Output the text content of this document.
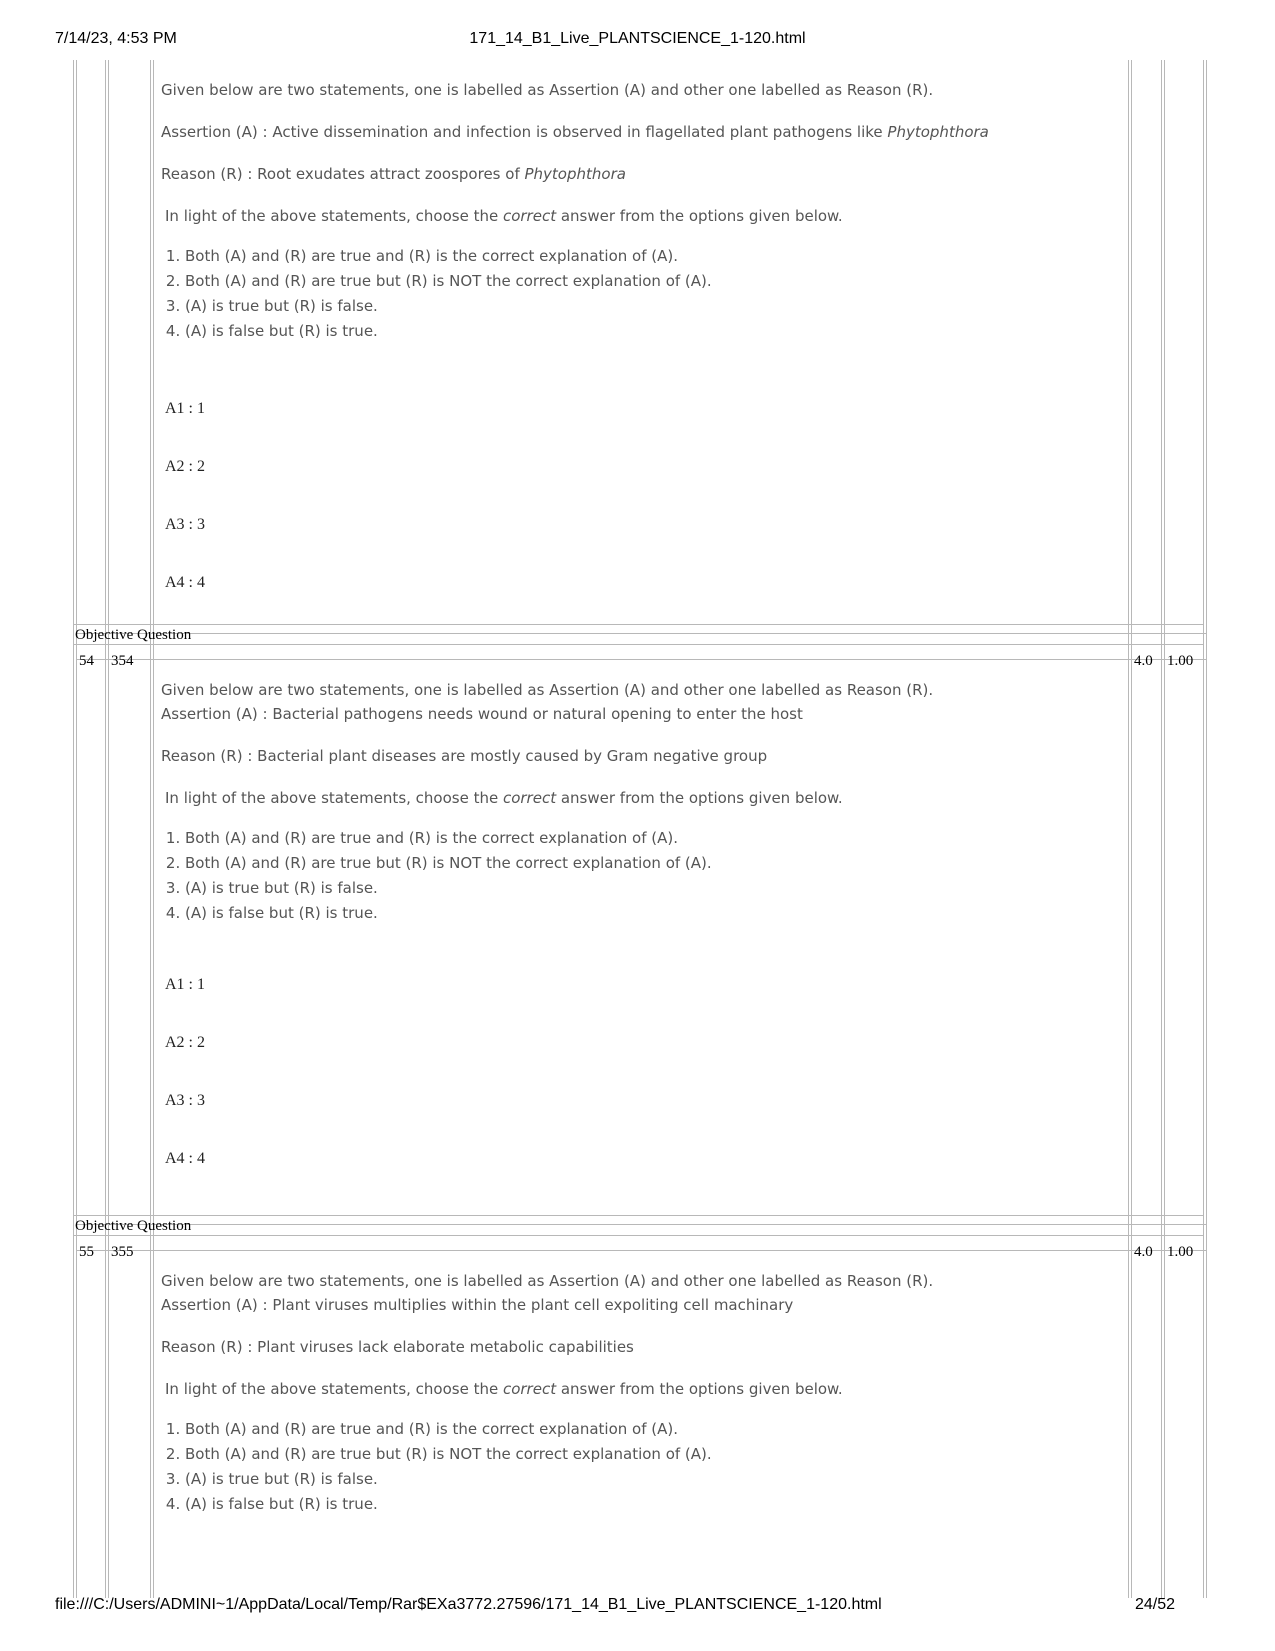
7/14/23, 4:53 PM	171_14_B1_Live_PLANTSCIENCE_1-120.html

Given below are two statements, one is labelled as Assertion (A) and other one labelled as Reason (R).

Assertion (A) : Active dissemination and infection is observed in flagellated plant pathogens like Phytophthora

Reason (R) : Root exudates attract zoospores of Phytophthora

In light of the above statements, choose the correct answer from the options given below.

1. Both (A) and (R) are true and (R) is the correct explanation of (A).
2. Both (A) and (R) are true but (R) is NOT the correct explanation of (A).
3. (A) is true but (R) is false.
4. (A) is false but (R) is true.
A1 : 1
A2 : 2
A3 : 3
A4 : 4
Objective Question
54 354	4.0 1.00

Given below are two statements, one is labelled as Assertion (A) and other one labelled as Reason (R).

Assertion (A) : Bacterial pathogens needs wound or natural opening to enter the host

Reason (R) : Bacterial plant diseases are mostly caused by Gram negative group

In light of the above statements, choose the correct answer from the options given below.

1. Both (A) and (R) are true and (R) is the correct explanation of (A).
2. Both (A) and (R) are true but (R) is NOT the correct explanation of (A).
3. (A) is true but (R) is false.
4. (A) is false but (R) is true.
A1 : 1
A2 : 2
A3 : 3
A4 : 4
Objective Question
55 355	4.0 1.00

Given below are two statements, one is labelled as Assertion (A) and other one labelled as Reason (R).

Assertion (A) : Plant viruses multiplies within the plant cell expoliting cell machinary

Reason (R) : Plant viruses lack elaborate metabolic capabilities

In light of the above statements, choose the correct answer from the options given below.

1. Both (A) and (R) are true and (R) is the correct explanation of (A).
2. Both (A) and (R) are true but (R) is NOT the correct explanation of (A).
3. (A) is true but (R) is false.
4. (A) is false but (R) is true.
file:///C:/Users/ADMINI~1/AppData/Local/Temp/Rar$EXa3772.27596/171_14_B1_Live_PLANTSCIENCE_1-120.html	24/52
